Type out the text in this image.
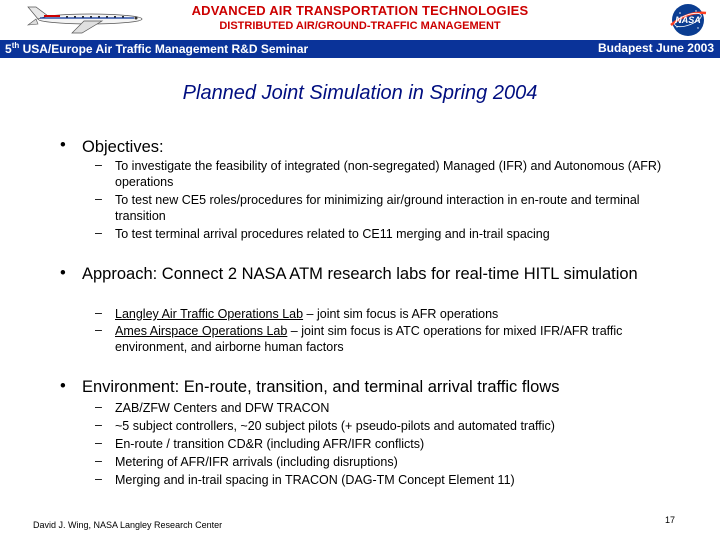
ADVANCED AIR TRANSPORTATION TECHNOLOGIES
DISTRIBUTED AIR/GROUND-TRAFFIC MANAGEMENT	NASA
5th USA/Europe Air Traffic Management R&D Seminar	Budapest June 2003
Planned Joint Simulation in Spring 2004
• Objectives:
– To investigate the feasibility of integrated (non-segregated) Managed (IFR) and Autonomous (AFR) operations
– To test new CE5 roles/procedures for minimizing air/ground interaction in en-route and terminal transition
– To test terminal arrival procedures related to CE11 merging and in-trail spacing
• Approach: Connect 2 NASA ATM research labs for real-time HITL simulation
– Langley Air Traffic Operations Lab – joint sim focus is AFR operations
– Ames Airspace Operations Lab – joint sim focus is ATC operations for mixed IFR/AFR traffic environment, and airborne human factors
• Environment: En-route, transition, and terminal arrival traffic flows
– ZAB/ZFW Centers and DFW TRACON
– ~5 subject controllers, ~20 subject pilots (+ pseudo-pilots and automated traffic)
– En-route / transition CD&R (including AFR/IFR conflicts)
– Metering of AFR/IFR arrivals (including disruptions)
– Merging and in-trail spacing in TRACON (DAG-TM Concept Element 11)
David J. Wing, NASA Langley Research Center	17
